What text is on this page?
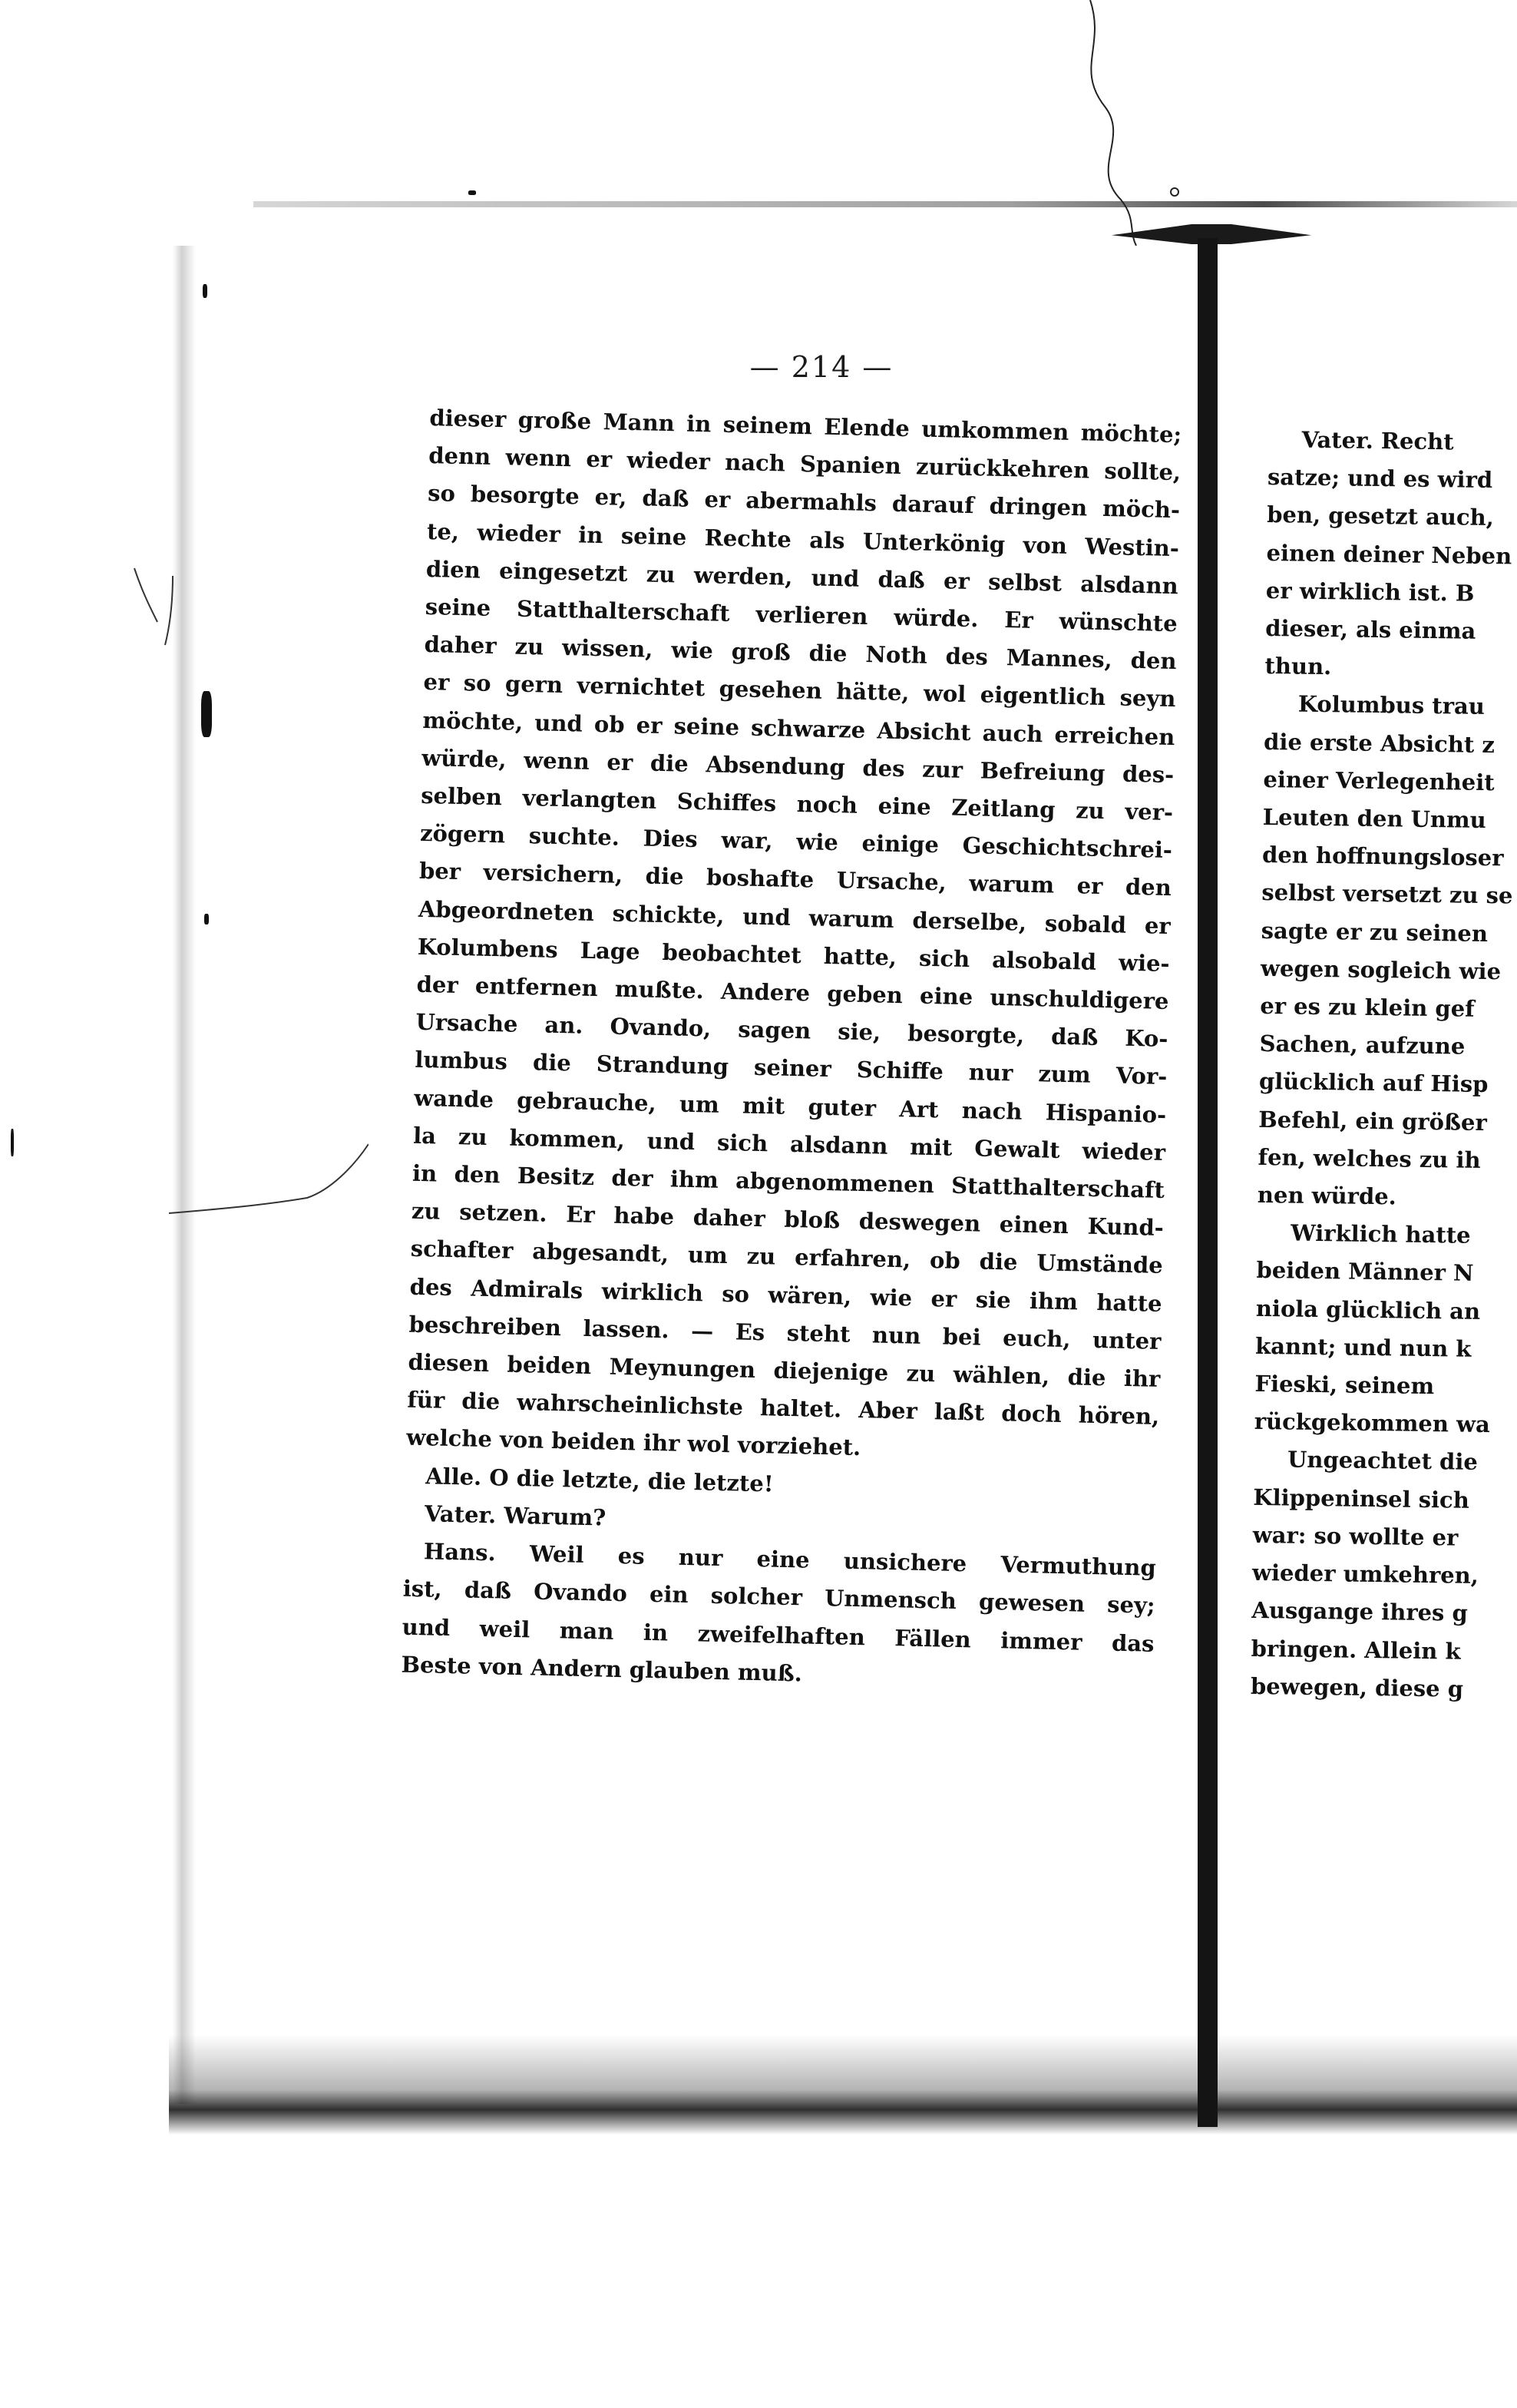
— 214 —
dieser große Mann in seinem Elende umkommen möchte;
denn wenn er wieder nach Spanien zurückkehren sollte,
so besorgte er, daß er abermahls darauf dringen möch-
te, wieder in seine Rechte als Unterkönig von Westin-
dien eingesetzt zu werden, und daß er selbst alsdann
seine Statthalterschaft verlieren würde. Er wünschte
daher zu wissen, wie groß die Noth des Mannes, den
er so gern vernichtet gesehen hätte, wol eigentlich seyn
möchte, und ob er seine schwarze Absicht auch erreichen
würde, wenn er die Absendung des zur Befreiung des-
selben verlangten Schiffes noch eine Zeitlang zu ver-
zögern suchte. Dies war, wie einige Geschichtschrei-
ber versichern, die boshafte Ursache, warum er den
Abgeordneten schickte, und warum derselbe, sobald er
Kolumbens Lage beobachtet hatte, sich alsobald wie-
der entfernen mußte. Andere geben eine unschuldigere
Ursache an. Ovando, sagen sie, besorgte, daß Ko-
lumbus die Strandung seiner Schiffe nur zum Vor-
wande gebrauche, um mit guter Art nach Hispanio-
la zu kommen, und sich alsdann mit Gewalt wieder
in den Besitz der ihm abgenommenen Statthalterschaft
zu setzen. Er habe daher bloß deswegen einen Kund-
schafter abgesandt, um zu erfahren, ob die Umstände
des Admirals wirklich so wären, wie er sie ihm hatte
beschreiben lassen. — Es steht nun bei euch, unter
diesen beiden Meynungen diejenige zu wählen, die ihr
für die wahrscheinlichste haltet. Aber laßt doch hören,
welche von beiden ihr wol vorziehet.
Alle. O die letzte, die letzte!
Vater. Warum?
Hans. Weil es nur eine unsichere Vermuthung
ist, daß Ovando ein solcher Unmensch gewesen sey;
und weil man in zweifelhaften Fällen immer das
Beste von Andern glauben muß.
Vater. Recht
satze; und es wird
ben, gesetzt auch,
einen deiner Neben
er wirklich ist. B
dieser, als einma
thun.
Kolumbus trau
die erste Absicht z
einer Verlegenheit
Leuten den Unmu
den hoffnungsloser
selbst versetzt zu se
sagte er zu seinen
wegen sogleich wie
er es zu klein gef
Sachen, aufzune
glücklich auf Hisp
Befehl, ein größer
fen, welches zu ih
nen würde.
Wirklich hatte
beiden Männer N
niola glücklich an
kannt; und nun k
Fieski, seinem
rückgekommen wa
Ungeachtet die
Klippeninsel sich
war: so wollte er
wieder umkehren,
Ausgange ihres g
bringen. Allein k
bewegen, diese g
